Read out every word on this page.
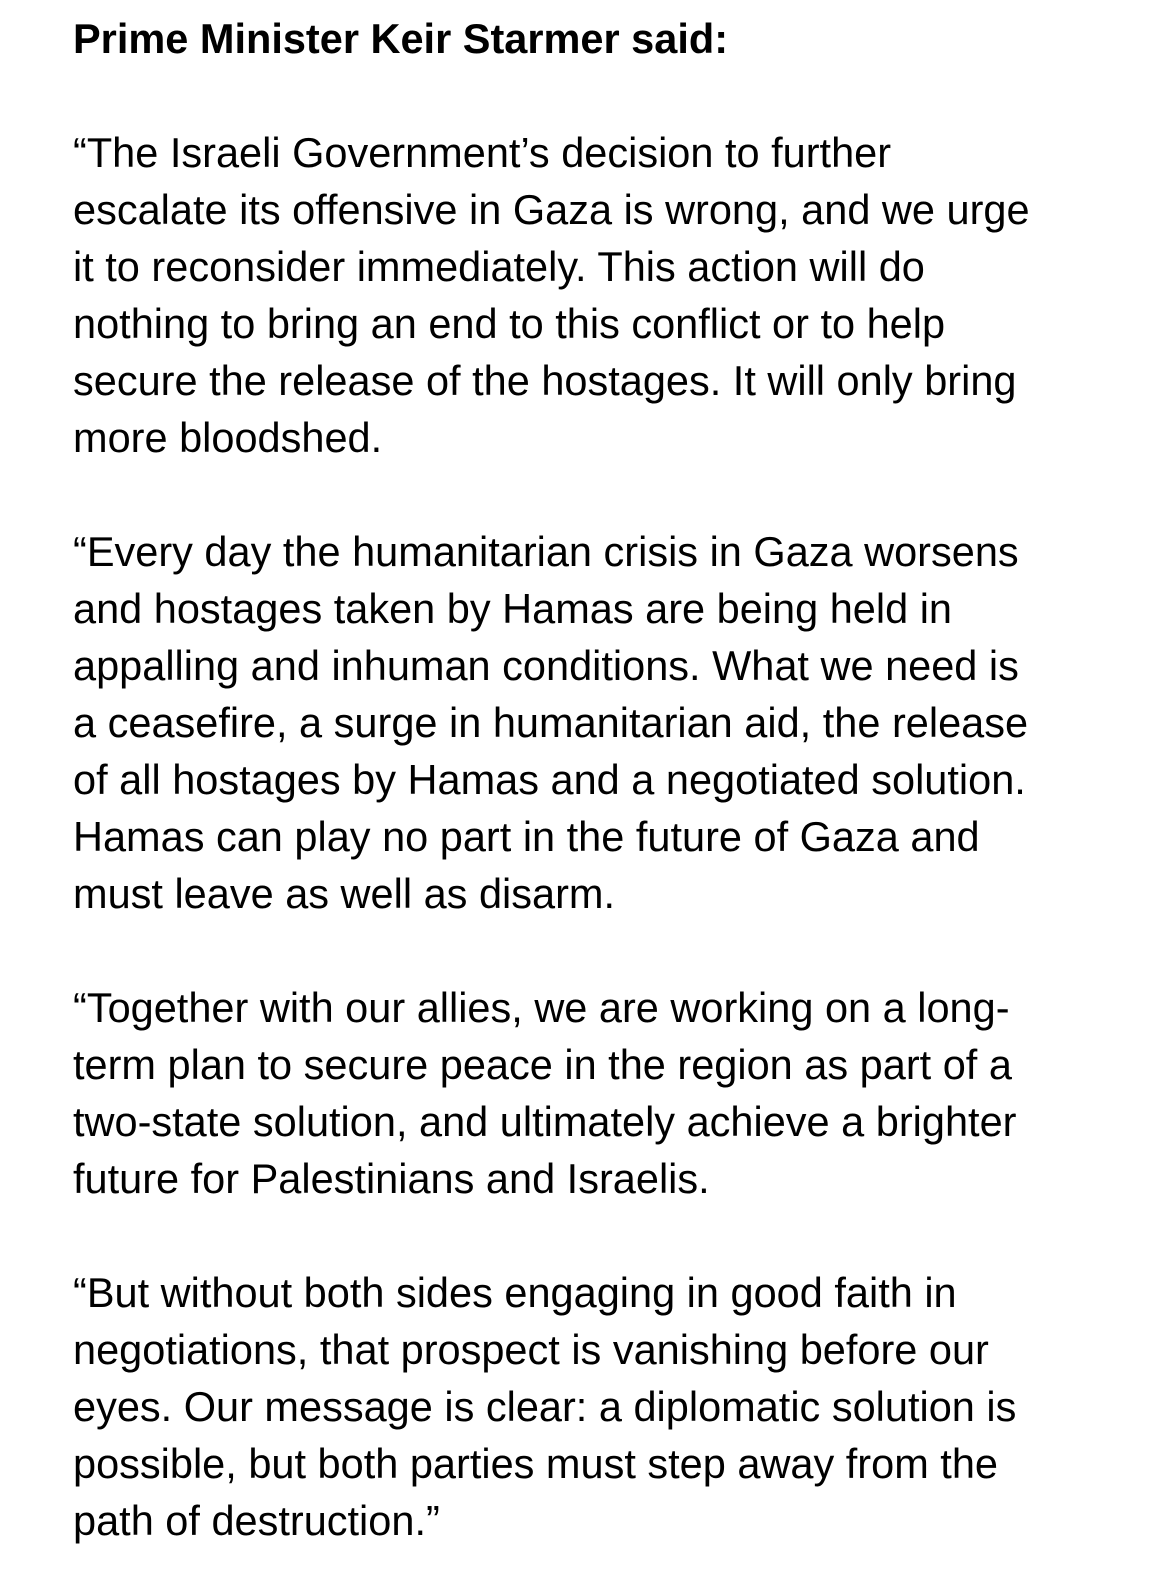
Prime Minister Keir Starmer said:

“The Israeli Government’s decision to further
escalate its offensive in Gaza is wrong, and we urge
it to reconsider immediately. This action will do
nothing to bring an end to this conflict or to help
secure the release of the hostages. It will only bring
more bloodshed.

“Every day the humanitarian crisis in Gaza worsens
and hostages taken by Hamas are being held in
appalling and inhuman conditions. What we need is
a ceasefire, a surge in humanitarian aid, the release
of all hostages by Hamas and a negotiated solution.
Hamas can play no part in the future of Gaza and
must leave as well as disarm.

“Together with our allies, we are working on a long-
term plan to secure peace in the region as part of a
two-state solution, and ultimately achieve a brighter
future for Palestinians and Israelis.

“But without both sides engaging in good faith in
negotiations, that prospect is vanishing before our
eyes. Our message is clear: a diplomatic solution is
possible, but both parties must step away from the
path of destruction.”
